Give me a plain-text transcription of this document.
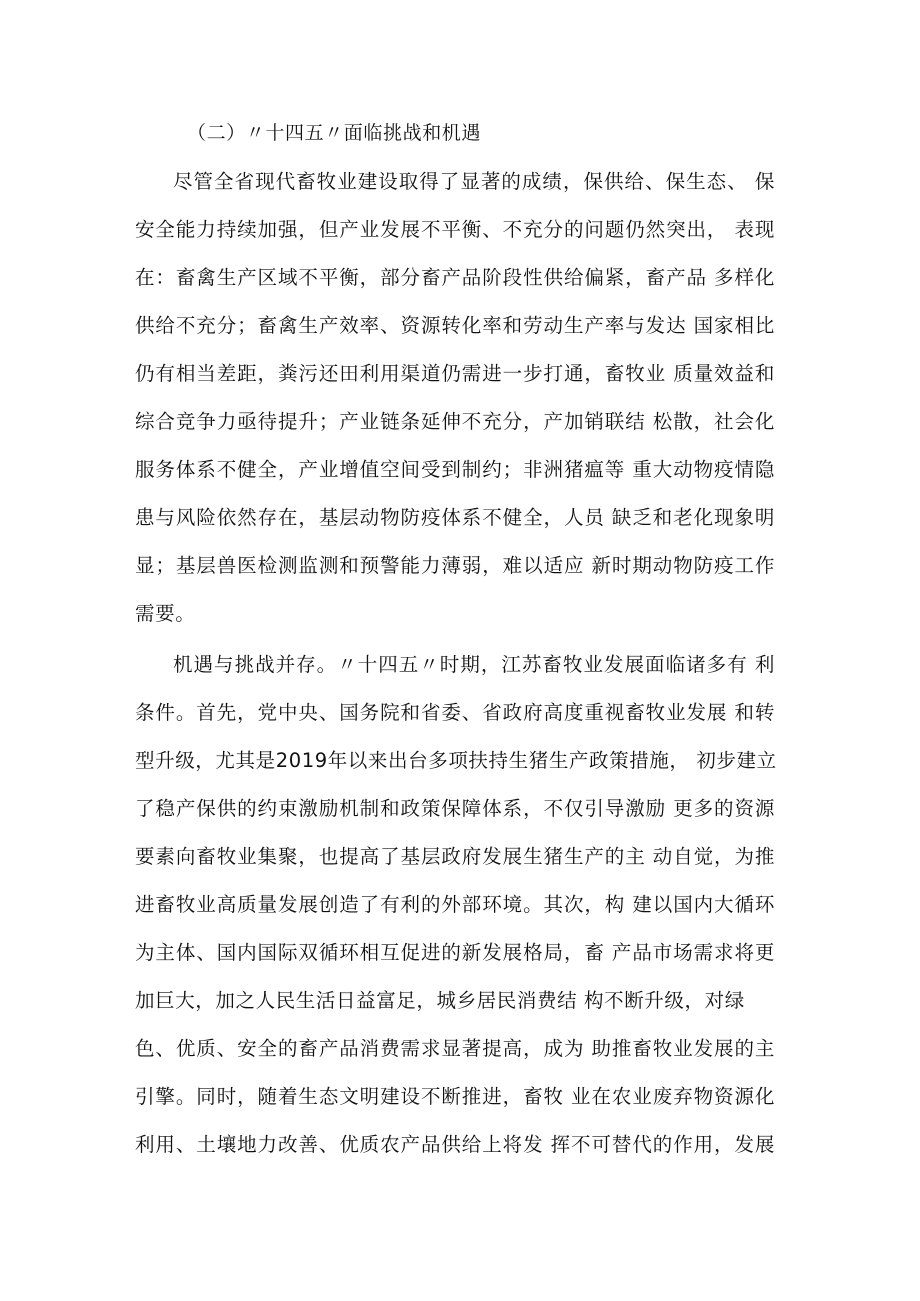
（二）〃十四五〃面临挑战和机遇
尽管全省现代畜牧业建设取得了显著的成绩，保供给、保生态、 保
安全能力持续加强，但产业发展不平衡、不充分的问题仍然突出， 表现
在：畜禽生产区域不平衡，部分畜产品阶段性供给偏紧，畜产品 多样化
供给不充分；畜禽生产效率、资源转化率和劳动生产率与发达 国家相比
仍有相当差距，粪污还田利用渠道仍需进一步打通，畜牧业 质量效益和
综合竞争力亟待提升；产业链条延伸不充分，产加销联结 松散，社会化
服务体系不健全，产业增值空间受到制约；非洲猪瘟等 重大动物疫情隐
患与风险依然存在，基层动物防疫体系不健全，人员 缺乏和老化现象明
显；基层兽医检测监测和预警能力薄弱，难以适应 新时期动物防疫工作
需要。
机遇与挑战并存。〃十四五〃时期，江苏畜牧业发展面临诸多有 利
条件。首先，党中央、国务院和省委、省政府高度重视畜牧业发展 和转
型升级，尤其是2019年以来出台多项扶持生猪生产政策措施， 初步建立
了稳产保供的约束激励机制和政策保障体系，不仅引导激励 更多的资源
要素向畜牧业集聚，也提高了基层政府发展生猪生产的主 动自觉，为推
进畜牧业高质量发展创造了有利的外部环境。其次，构 建以国内大循环
为主体、国内国际双循环相互促进的新发展格局，畜 产品市场需求将更
加巨大，加之人民生活日益富足，城乡居民消费结 构不断升级，对绿
色、优质、安全的畜产品消费需求显著提高，成为 助推畜牧业发展的主
引擎。同时，随着生态文明建设不断推进，畜牧 业在农业废弃物资源化
利用、土壤地力改善、优质农产品供给上将发 挥不可替代的作用，发展
